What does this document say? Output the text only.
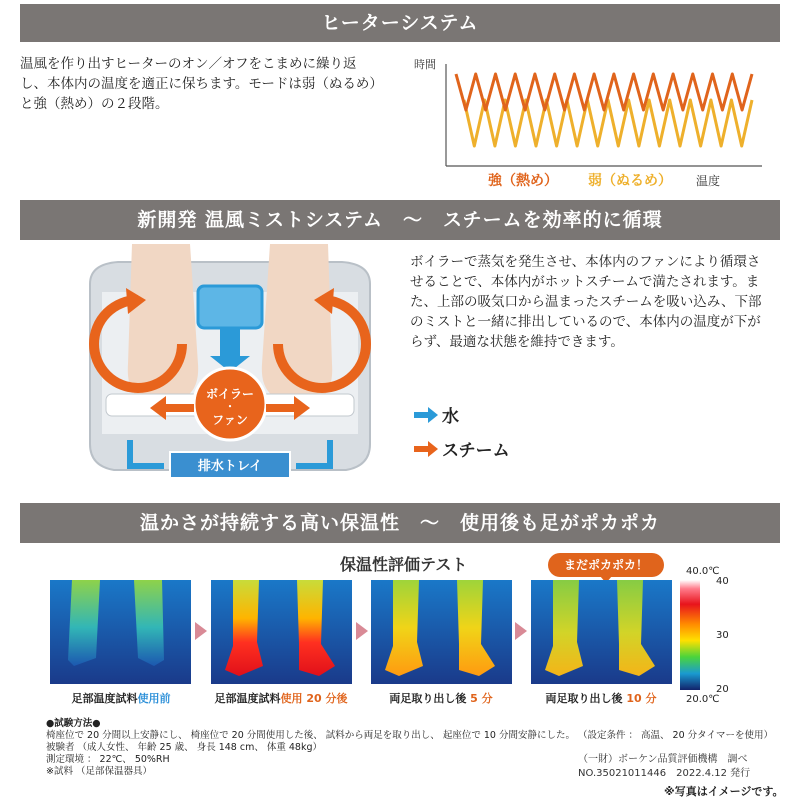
ヒーターシステム
温風を作り出すヒーターのオン／オフをこまめに繰り返し、本体内の温度を適正に保ちます。モードは弱（ぬるめ）と強（熱め）の２段階。
時間
温度
強（熱め） 弱（ぬるめ）
新開発 温風ミストシステム　～　スチームを効率的に循環
ボイラー
・
ファン
排水トレイ
ボイラーで蒸気を発生させ、本体内のファンにより循環させることで、本体内がホットスチームで満たされます。また、上部の吸気口から温まったスチームを吸い込み、下部のミストと一緒に排出しているので、本体内の温度が下がらず、最適な状態を維持できます。
水
スチーム
温かさが持続する高い保温性　～　使用後も足がポカポカ
保温性評価テスト	まだポカポカ！
足部温度試料使用前	足部温度試料使用 20 分後	両足取り出し後 5 分	両足取り出し後 10 分
40.0℃
40
30
20
20.0℃
●試験方法●
椅座位で 20 分間以上安静にし、 椅座位で 20 分間使用した後、 試料から両足を取り出し、 起座位で 10 分間安静にした。 （設定条件 ： 高温、 20 分タイマーを使用）
被験者 （成人女性、 年齢 25 歳、 身長 148 cm、 体重 48kg）
測定環境 ： 22℃、 50%RH
※試料 （足部保温器具）
（一財）ボーケン品質評価機構　調べ
NO.35021011446　2022.4.12 発行
※写真はイメージです。
